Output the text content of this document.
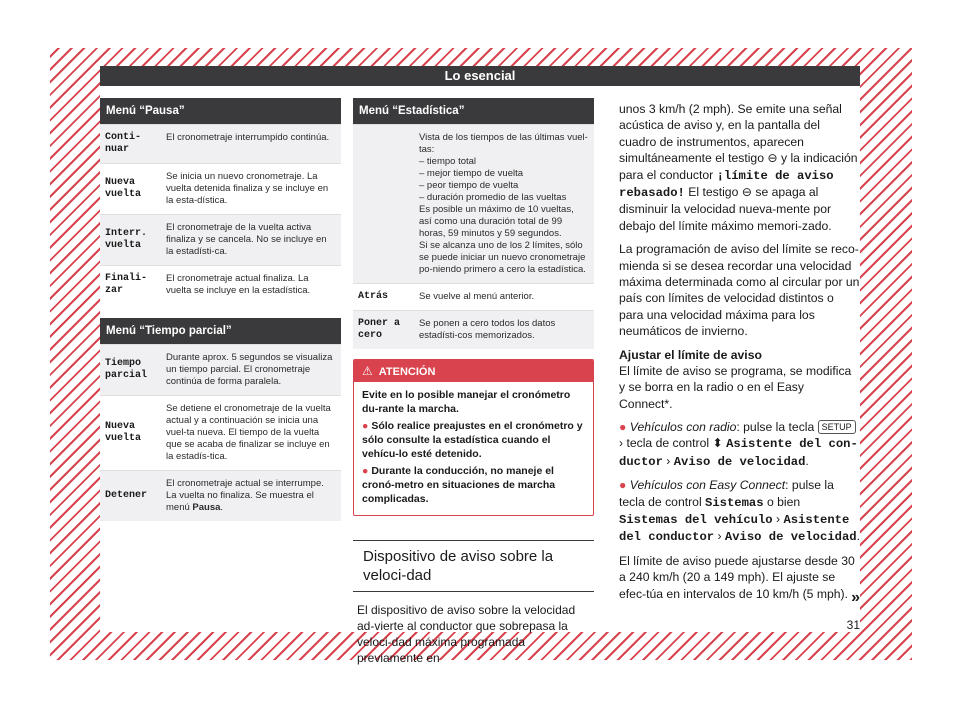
Lo esencial
Menú “Pausa”
Conti-
nuar
El cronometraje interrumpido continúa.
Nueva
vuelta
Se inicia un nuevo cronometraje. La vuelta detenida finaliza y se incluye en la esta-dística.
Interr.
vuelta
El cronometraje de la vuelta activa finaliza y se cancela. No se incluye en la estadísti-ca.
Finali-
zar
El cronometraje actual finaliza. La vuelta se incluye en la estadística.
Menú “Tiempo parcial”
Tiempo
parcial
Durante aprox. 5 segundos se visualiza un tiempo parcial. El cronometraje continúa de forma paralela.
Nueva
vuelta
Se detiene el cronometraje de la vuelta actual y a continuación se inicia una vuel-ta nueva. El tiempo de la vuelta que se acaba de finalizar se incluye en la estadís-tica.
Detener
El cronometraje actual se interrumpe. La vuelta no finaliza. Se muestra el menú Pausa.
Menú “Estadística”
Vista de los tiempos de las últimas vuel-tas:
– tiempo total
– mejor tiempo de vuelta
– peor tiempo de vuelta
– duración promedio de las vueltas
Es posible un máximo de 10 vueltas, así como una duración total de 99 horas, 59 minutos y 59 segundos.
Si se alcanza uno de los 2 límites, sólo se puede iniciar un nuevo cronometraje po-niendo primero a cero la estadística.
Atrás	Se vuelve al menú anterior.
Poner a
cero
Se ponen a cero todos los datos estadísti-cos memorizados.
⚠ ATENCIÓN

Evite en lo posible manejar el cronómetro du-rante la marcha.

● Sólo realice preajustes en el cronómetro y sólo consulte la estadística cuando el vehícu-lo esté detenido.

● Durante la conducción, no maneje el cronó-metro en situaciones de marcha complicadas.

Dispositivo de aviso sobre la veloci-dad
El dispositivo de aviso sobre la velocidad ad-vierte al conductor que sobrepasa la veloci-dad máxima programada previamente en

unos 3 km/h (2 mph). Se emite una señal acústica de aviso y, en la pantalla del cuadro de instrumentos, aparecen simultáneamente el testigo ⊖ y la indicación para el conductor ¡límite de aviso rebasado! El testigo ⊖ se apaga al disminuir la velocidad nueva-mente por debajo del límite máximo memori-zado.

La programación de aviso del límite se reco-mienda si se desea recordar una velocidad máxima determinada como al circular por un país con límites de velocidad distintos o para una velocidad máxima para los neumáticos de invierno.

Ajustar el límite de aviso

El límite de aviso se programa, se modifica y se borra en la radio o en el Easy Connect*.

● Vehículos con radio: pulse la tecla SETUP › tecla de control ⬍ Asistente del con-ductor › Aviso de velocidad.

● Vehículos con Easy Connect: pulse la tecla de control Sistemas o bien Sistemas del vehículo › Asistente del conductor › Aviso de velocidad.

El límite de aviso puede ajustarse desde 30 a 240 km/h (20 a 149 mph). El ajuste se efec-túa en intervalos de 10 km/h (5 mph). »

31
